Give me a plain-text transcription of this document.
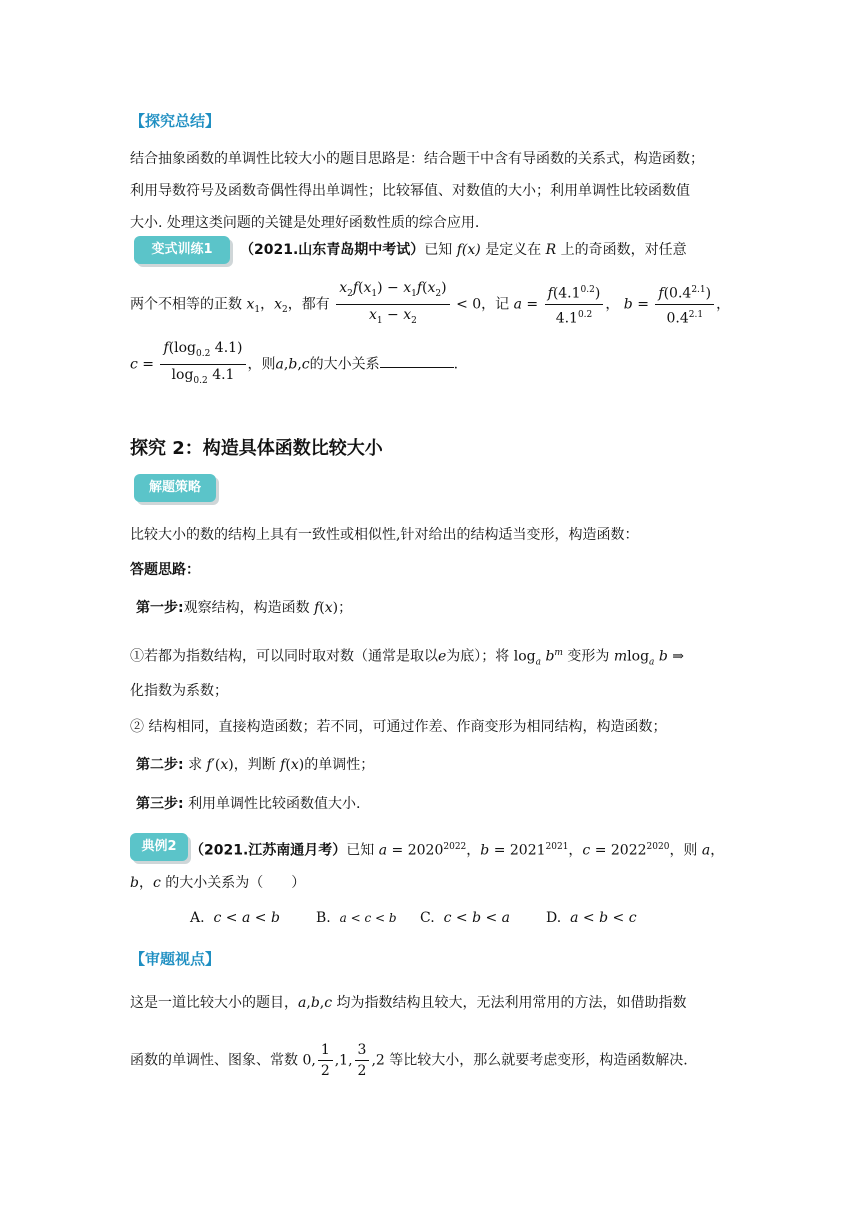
【探究总结】
结合抽象函数的单调性比较大小的题目思路是：结合题干中含有导函数的关系式，构造函数；
利用导数符号及函数奇偶性得出单调性；比较幂值、对数值的大小；利用单调性比较函数值
大小. 处理这类问题的关键是处理好函数性质的综合应用.
变式训练1	（2021.山东青岛期中考试）已知 f(x) 是定义在 R 上的奇函数，对任意
两个不相等的正数 $x_1$，$x_2$，都有 $\frac{x_2f(x_1) - x_1f(x_2)}{x_1 - x_2} < 0$，记 $a = \frac{f(4.1^{0.2})}{4.1^{0.2}}$ ， $b = \frac{f(0.4^{2.1})}{0.4^{2.1}}$ ，
$c = \frac{f(\log_{0.2} 4.1)}{\log_{0.2} 4.1}$ ，则a,b,c的大小关系	.
探究 2：构造具体函数比较大小
解题策略
比较大小的数的结构上具有一致性或相似性,针对给出的结构适当变形，构造函数：
答题思路：
第一步:观察结构，构造函数 f(x)；
①若都为指数结构，可以同时取对数（通常是取以e为底）；将 $\log_a b^m$ 变形为 mlog$_a$ b ⇒
化指数为系数；
② 结构相同，直接构造函数；若不同，可通过作差、作商变形为相同结构，构造函数；
第二步: 求 f′(x)，判断 f(x)的单调性；
第三步: 利用单调性比较函数值大小.
典例2 （2021.江苏南通月考）已知 $a = 2020^{2022}$，$b = 2021^{2021}$，$c = 2022^{2020}$，则 a，
b，c 的大小关系为（　　）
A. c < a < b	B. a < c < b C. c < b < a	D. a < b < c
【审题视点】
这是一道比较大小的题目，a,b,c 均为指数结构且较大，无法利用常用的方法，如借助指数
函数的单调性、图象、常数 0, $\frac{1}{2} ,1$, $\frac{3}{2} ,2$ 等比较大小，那么就要考虑变形，构造函数解决.
